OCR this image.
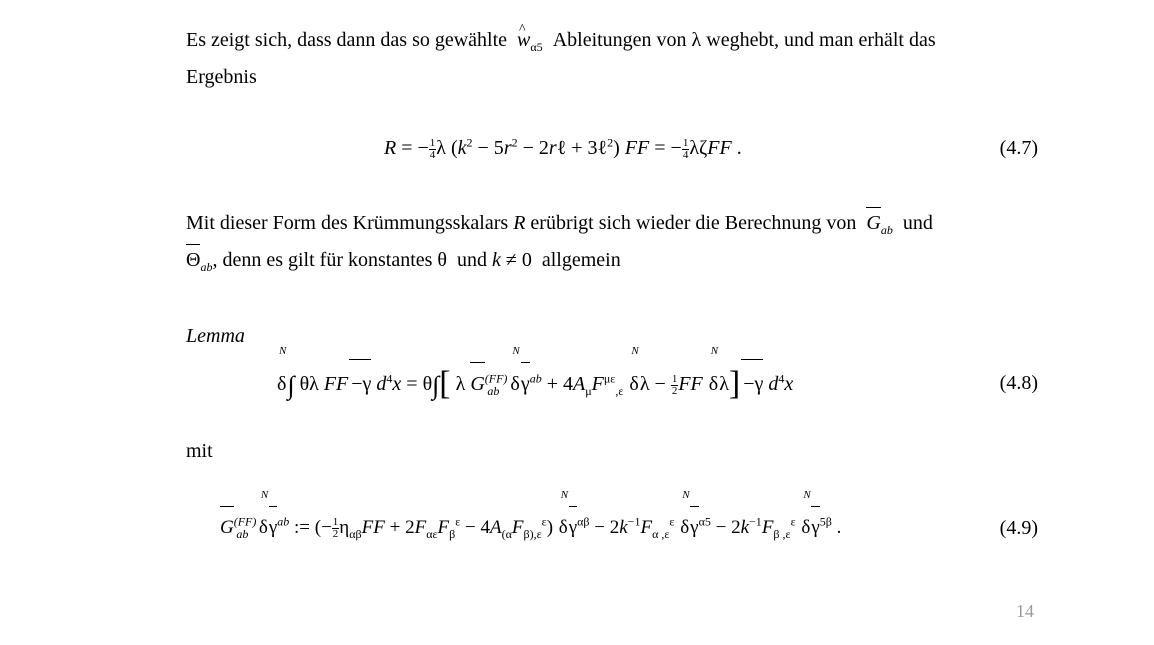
Es zeigt sich, dass dann das so gewählte  ^ $w_{\alpha 5}$  Ableitungen von λ weghebt, und man erhält das
Ergebnis

R = − $\frac{1}{4}$ λ ($k^2 - 5r^2$ − 2rℓ + 3ℓ$^2$) FF = − $\frac{1}{4}$ λζFF .	(4.7)

Mit dieser Form des Krümmungsskalars R erübrigt sich wieder die Berechnung von  $G_{ab}$  und
$\Theta_{ab}$, denn es gilt für konstantes θ  und k ≠ 0  allgemein

Lemma

N δ∫ θλ FF −γ $d^4x = \theta\int$[ λ $G^{(FF)}_{ab}$ N $\delta\gamma^{ab} + 4A_\mu F^{\mu\varepsilon}_{,\varepsilon}$ N $\delta\lambda - \frac{1}{2}$ FF N δλ] −γ $d^4x$	(4.8)

mit

$G^{(FF)}_{ab}$ N $\delta\gamma^{ab}$ := (− $\frac{1}{2} \eta_{\alpha\beta}FF + 2F_{\alpha\varepsilon}F_\beta^\varepsilon - 4A_{(\alpha}F_{\beta),\varepsilon}^\varepsilon$) N $\delta\gamma^{\alpha\beta} - 2k^{-1}F_{\alpha ,\varepsilon}^\varepsilon$ N $\delta\gamma^{\alpha 5} - 2k^{-1}F_{\beta ,\varepsilon}^\varepsilon$ N $\delta\gamma^{5\beta}$ .	(4.9)
14
